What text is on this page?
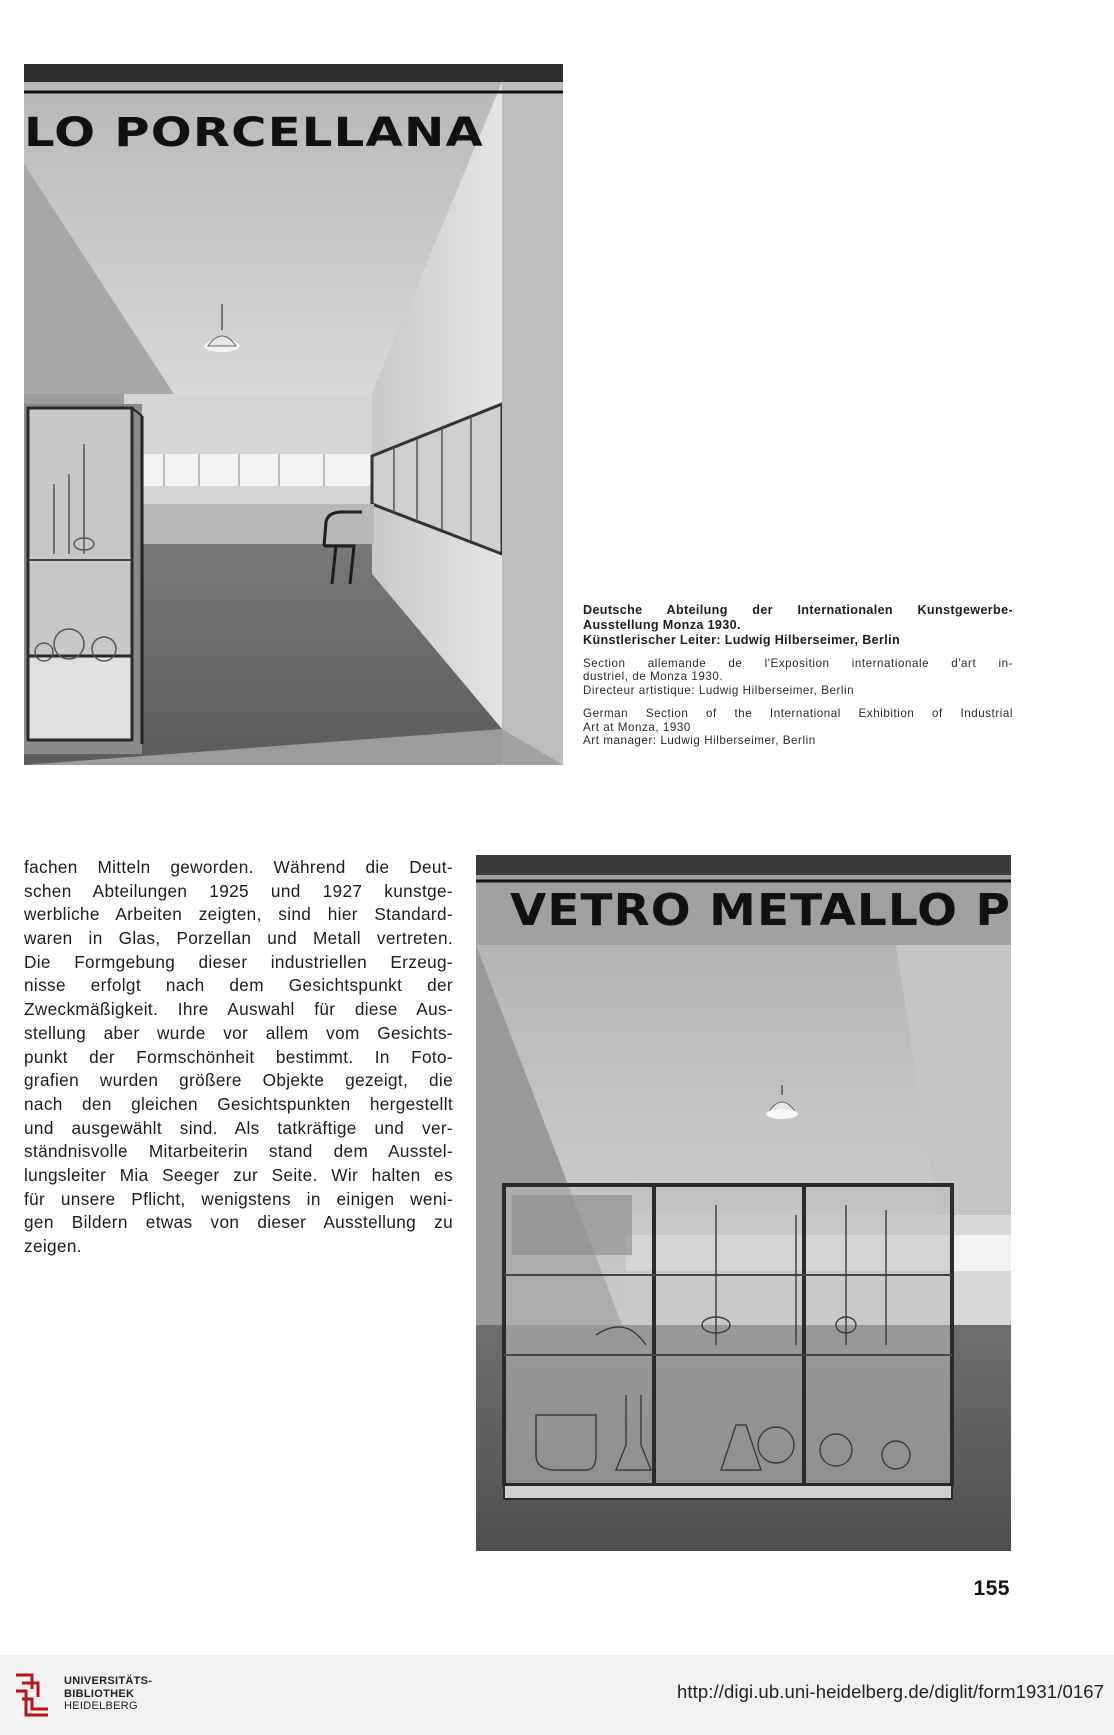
LO PORCELLANA
Deutsche Abteilung der Internationalen Kunstgewerbe-
Ausstellung Monza 1930.
Künstlerischer Leiter: Ludwig Hilberseimer, Berlin
Section allemande de l'Exposition internationale d'art in-
dustriel, de Monza 1930.
Directeur artistique: Ludwig Hilberseimer, Berlin
German Section of the International Exhibition of Industrial
Art at Monza, 1930
Art manager: Ludwig Hilberseimer, Berlin
fachen Mitteln geworden. Während die Deut-
schen Abteilungen 1925 und 1927 kunstge-
werbliche Arbeiten zeigten, sind hier Standard-
waren in Glas, Porzellan und Metall vertreten.
Die Formgebung dieser industriellen Erzeug-
nisse erfolgt nach dem Gesichtspunkt der
Zweckmäßigkeit. Ihre Auswahl für diese Aus-
stellung aber wurde vor allem vom Gesichts-
punkt der Formschönheit bestimmt. In Foto-
grafien wurden größere Objekte gezeigt, die
nach den gleichen Gesichtspunkten hergestellt
und ausgewählt sind. Als tatkräftige und ver-
ständnisvolle Mitarbeiterin stand dem Ausstel-
lungsleiter Mia Seeger zur Seite. Wir halten es
für unsere Pflicht, wenigstens in einigen weni-
gen Bildern etwas von dieser Ausstellung zu
zeigen.
VETRO METALLO P
155
UNIVERSITÄTS-
BIBLIOTHEK
HEIDELBERG
http://digi.ub.uni-heidelberg.de/diglit/form1931/0167
